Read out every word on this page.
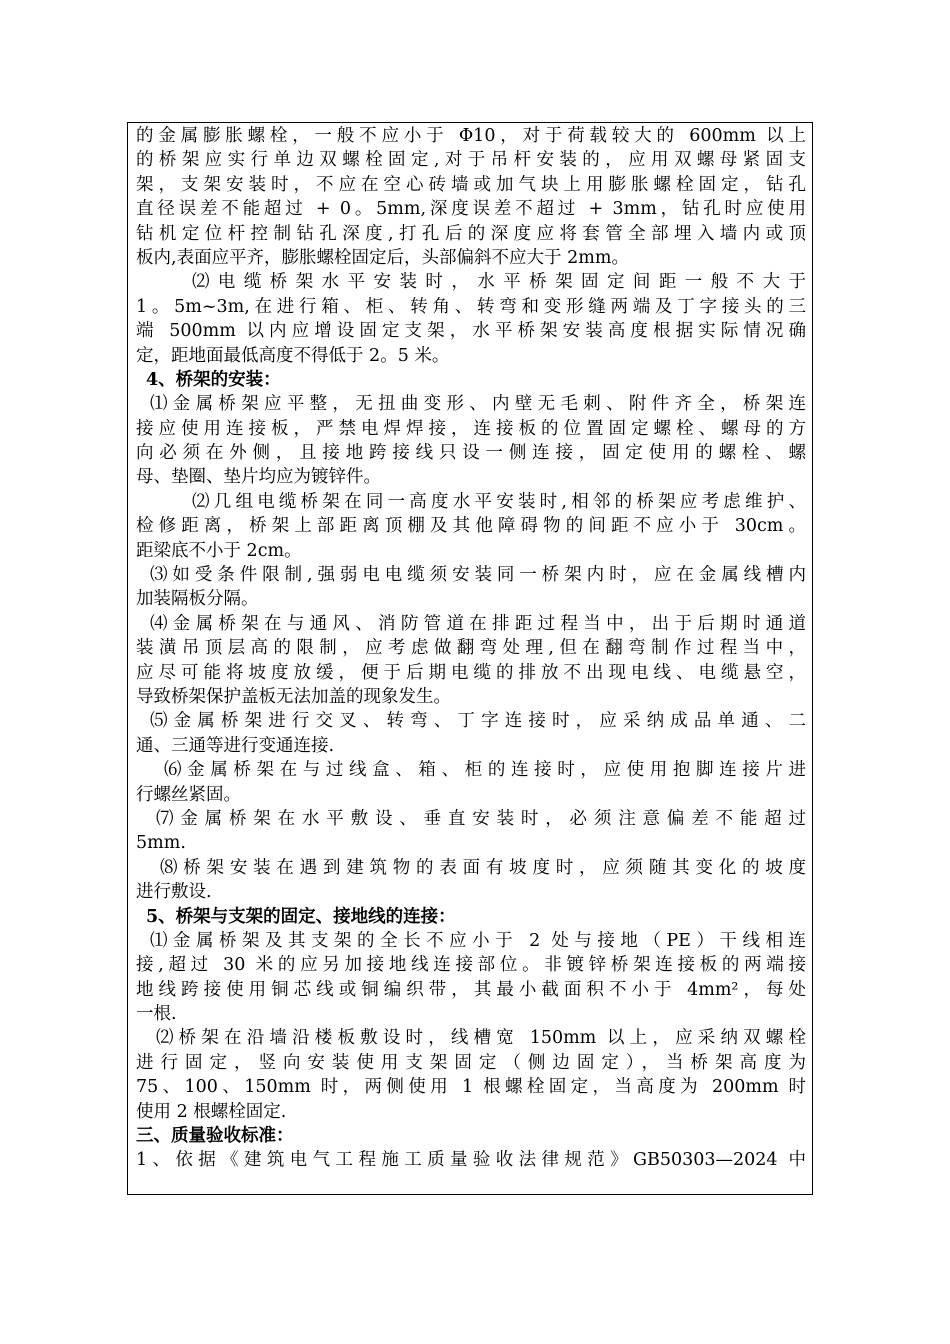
的金属膨胀螺栓，一般不应小于 Φ10，对于荷载较大的 600mm 以上
的桥架应实行单边双螺栓固定,对于吊杆安装的，应用双螺母紧固支
架，支架安装时，不应在空心砖墙或加气块上用膨胀螺栓固定，钻孔
直径误差不能超过 + 0。5mm,深度误差不超过 + 3mm，钻孔时应使用
钻机定位杆控制钻孔深度,打孔后的深度应将套管全部埋入墙内或顶
板内,表面应平齐，膨胀螺栓固定后，头部偏斜不应大于 2mm。
⑵电缆桥架水平安装时，水平桥架固定间距一般不大于
1。5m~3m,在进行箱、柜、转角、转弯和变形缝两端及丁字接头的三
端 500mm 以内应增设固定支架，水平桥架安装高度根据实际情况确
定，距地面最低高度不得低于 2。5 米。
4、桥架的安装：
⑴金属桥架应平整，无扭曲变形、内壁无毛刺、附件齐全，桥架连
接应使用连接板，严禁电焊焊接，连接板的位置固定螺栓、螺母的方
向必须在外侧，且接地跨接线只设一侧连接，固定使用的螺栓、螺
母、垫圈、垫片均应为镀锌件。
⑵几组电缆桥架在同一高度水平安装时,相邻的桥架应考虑维护、
检修距离，桥架上部距离顶棚及其他障碍物的间距不应小于 30cm。
距梁底不小于 2cm。
⑶如受条件限制,强弱电电缆须安装同一桥架内时，应在金属线槽内
加装隔板分隔。
⑷金属桥架在与通风、消防管道在排距过程当中，出于后期时通道
装潢吊顶层高的限制，应考虑做翻弯处理,但在翻弯制作过程当中，
应尽可能将坡度放缓，便于后期电缆的排放不出现电线、电缆悬空，
导致桥架保护盖板无法加盖的现象发生。
⑸金属桥架进行交叉、转弯、丁字连接时，应采纳成品单通、二
通、三通等进行变通连接.
⑹金属桥架在与过线盒、箱、柜的连接时，应使用抱脚连接片进
行螺丝紧固。
⑺金属桥架在水平敷设、垂直安装时，必须注意偏差不能超过
5mm.
⑻桥架安装在遇到建筑物的表面有坡度时，应须随其变化的坡度
进行敷设.
5、桥架与支架的固定、接地线的连接：
⑴金属桥架及其支架的全长不应小于 2 处与接地（PE）干线相连
接,超过 30 米的应另加接地线连接部位。非镀锌桥架连接板的两端接
地线跨接使用铜芯线或铜编织带，其最小截面积不小于 4mm²，每处
一根.
⑵桥架在沿墙沿楼板敷设时，线槽宽 150mm 以上，应采纳双螺栓
进行固定，竖向安装使用支架固定（侧边固定），当桥架高度为
75、100、150mm 时，两侧使用 1 根螺栓固定，当高度为 200mm 时
使用 2 根螺栓固定.
三、质量验收标准：
1、依据《建筑电气工程施工质量验收法律规范》GB50303—2024 中
